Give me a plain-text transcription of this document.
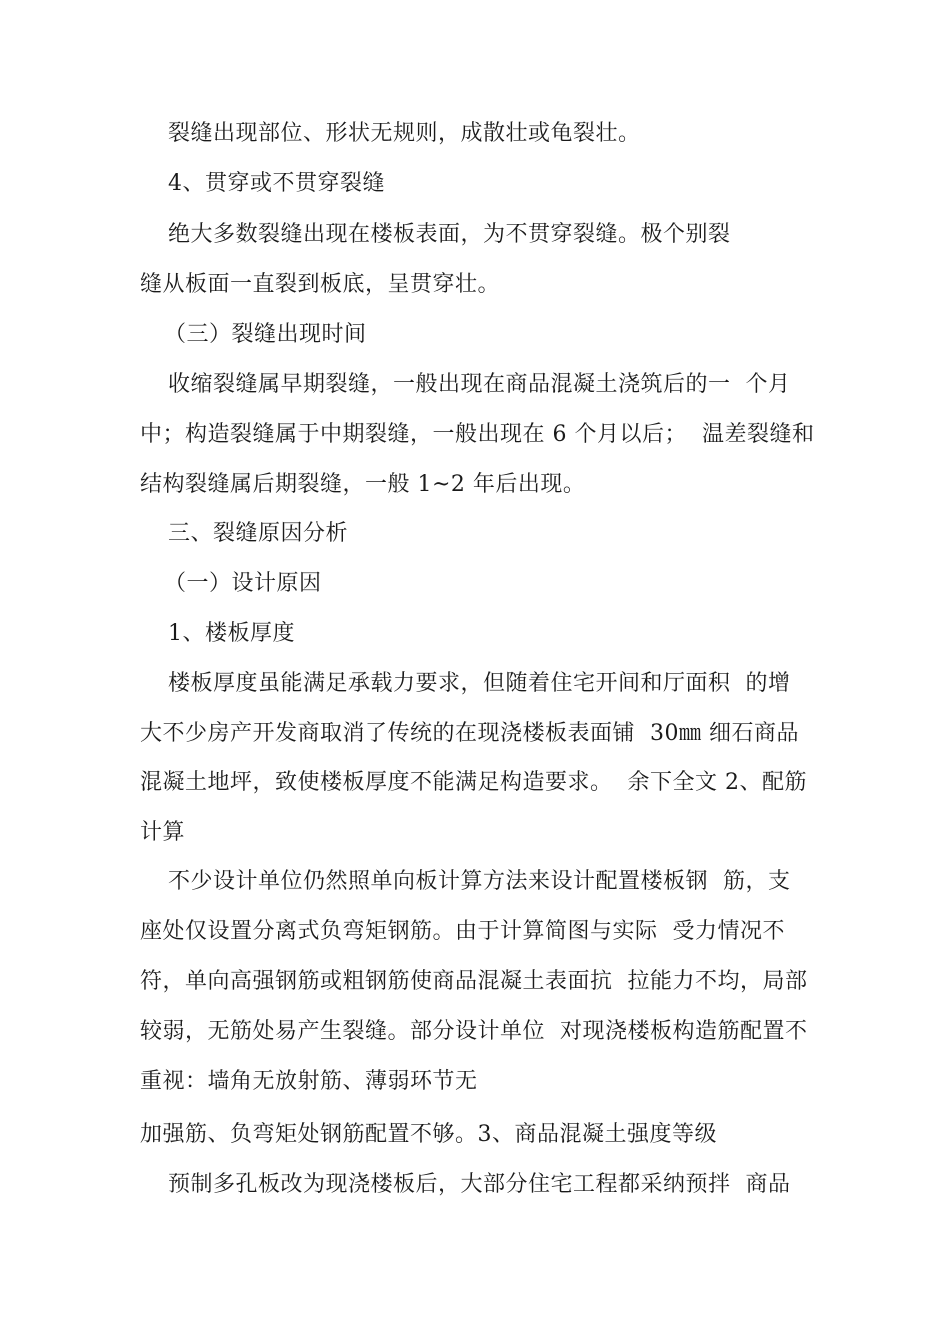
裂缝出现部位、形状无规则，成散壮或龟裂壮。
4、贯穿或不贯穿裂缝
绝大多数裂缝出现在楼板表面，为不贯穿裂缝。极个别裂
缝从板面一直裂到板底，呈贯穿壮。
（三）裂缝出现时间
收缩裂缝属早期裂缝，一般出现在商品混凝土浇筑后的一  个月
中；构造裂缝属于中期裂缝，一般出现在 6 个月以后；  温差裂缝和
结构裂缝属后期裂缝，一般 1~2 年后出现。
三、裂缝原因分析
（一）设计原因
1、楼板厚度
楼板厚度虽能满足承载力要求，但随着住宅开间和厅面积  的增
大不少房产开发商取消了传统的在现浇楼板表面铺  30㎜ 细石商品
混凝土地坪，致使楼板厚度不能满足构造要求。  余下全文 2、配筋
计算
不少设计单位仍然照单向板计算方法来设计配置楼板钢  筋，支
座处仅设置分离式负弯矩钢筋。由于计算简图与实际  受力情况不
符，单向高强钢筋或粗钢筋使商品混凝土表面抗  拉能力不均，局部
较弱，无筋处易产生裂缝。部分设计单位  对现浇楼板构造筋配置不
重视：墙角无放射筋、薄弱环节无
加强筋、负弯矩处钢筋配置不够。3、商品混凝土强度等级
预制多孔板改为现浇楼板后，大部分住宅工程都采纳预拌  商品
